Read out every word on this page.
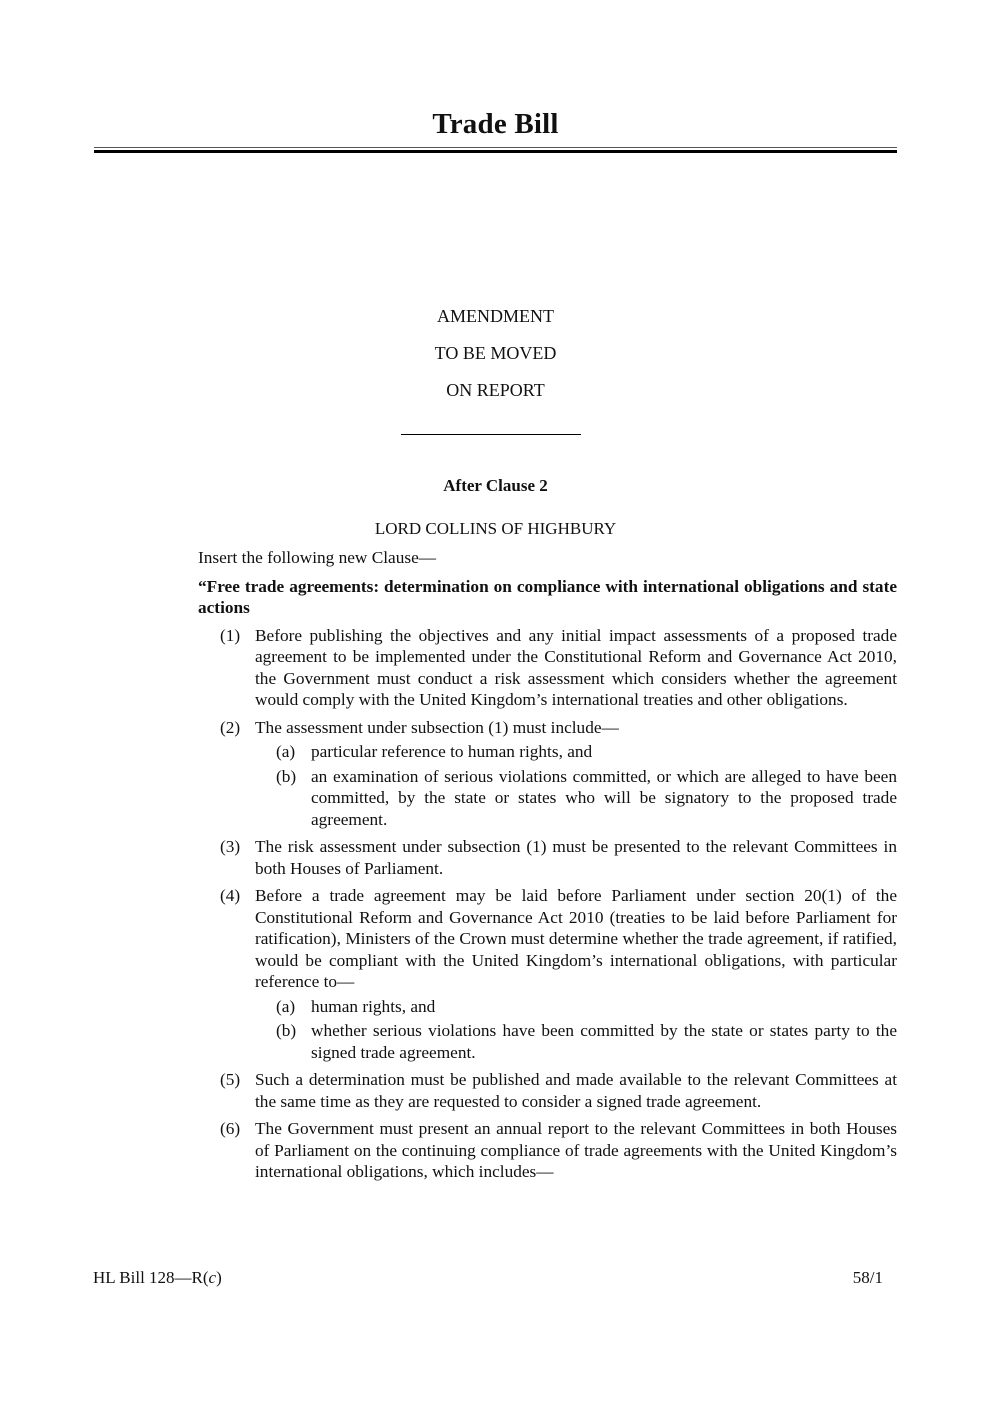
Trade Bill
AMENDMENT
TO BE MOVED
ON REPORT
After Clause 2
LORD COLLINS OF HIGHBURY
Insert the following new Clause—
“Free trade agreements: determination on compliance with international obligations and state actions
(1) Before publishing the objectives and any initial impact assessments of a proposed trade agreement to be implemented under the Constitutional Reform and Governance Act 2010, the Government must conduct a risk assessment which considers whether the agreement would comply with the United Kingdom’s international treaties and other obligations.
(2) The assessment under subsection (1) must include—
(a) particular reference to human rights, and
(b) an examination of serious violations committed, or which are alleged to have been committed, by the state or states who will be signatory to the proposed trade agreement.
(3) The risk assessment under subsection (1) must be presented to the relevant Committees in both Houses of Parliament.
(4) Before a trade agreement may be laid before Parliament under section 20(1) of the Constitutional Reform and Governance Act 2010 (treaties to be laid before Parliament for ratification), Ministers of the Crown must determine whether the trade agreement, if ratified, would be compliant with the United Kingdom’s international obligations, with particular reference to—
(a) human rights, and
(b) whether serious violations have been committed by the state or states party to the signed trade agreement.
(5) Such a determination must be published and made available to the relevant Committees at the same time as they are requested to consider a signed trade agreement.
(6) The Government must present an annual report to the relevant Committees in both Houses of Parliament on the continuing compliance of trade agreements with the United Kingdom’s international obligations, which includes—
HL Bill 128—R(c)	58/1
